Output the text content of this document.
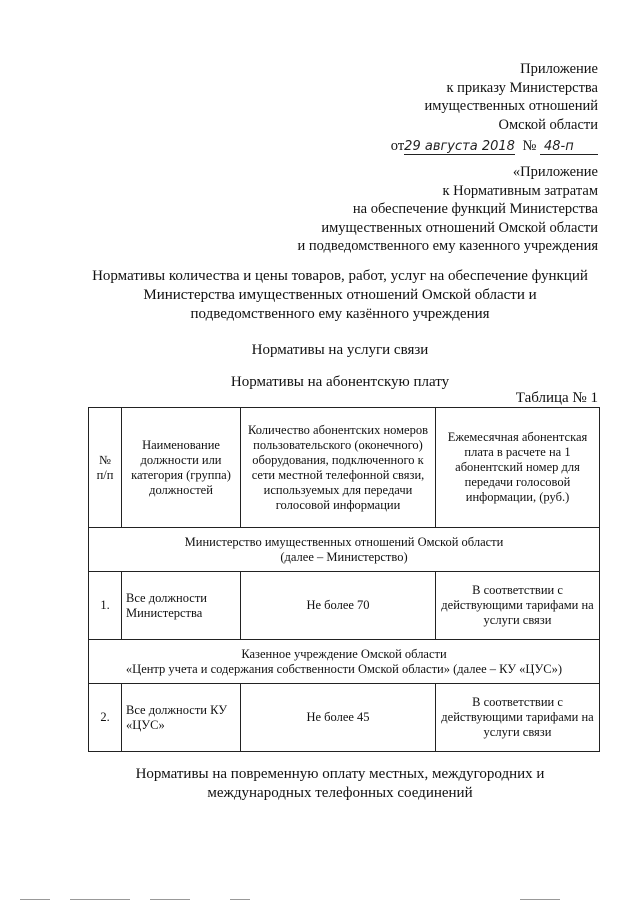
Приложение
к приказу Министерства
имущественных отношений
Омской области
от29 августа 2018 № 48-п
«Приложение
к Нормативным затратам
на обеспечение функций Министерства
имущественных отношений Омской области
и подведомственного ему казенного учреждения
Нормативы количества и цены товаров, работ, услуг на обеспечение функций
Министерства имущественных отношений Омской области и
подведомственного ему казённого учреждения
Нормативы на услуги связи
Нормативы на абонентскую плату
Таблица № 1
№ п/п	Наименование должности или категория (группа) должностей	Количество абонентских номеров пользовательского (оконечного) оборудования, подключенного к сети местной телефонной связи, используемых для передачи голосовой информации	Ежемесячная абонентская плата в расчете на 1 абонентский номер для передачи голосовой информации, (руб.)

Министерство имущественных отношений Омской области
(далее – Министерство)			

1.	Все должности Министерства	Не более 70	В соответствии с действующими тарифами на услуги связи

Казенное учреждение Омской области
«Центр учета и содержания собственности Омской области» (далее – КУ «ЦУС»)			

2.	Все должности КУ «ЦУС»	Не более 45	В соответствии с действующими тарифами на услуги связи
Нормативы на повременную оплату местных, междугородних и
международных телефонных соединений
